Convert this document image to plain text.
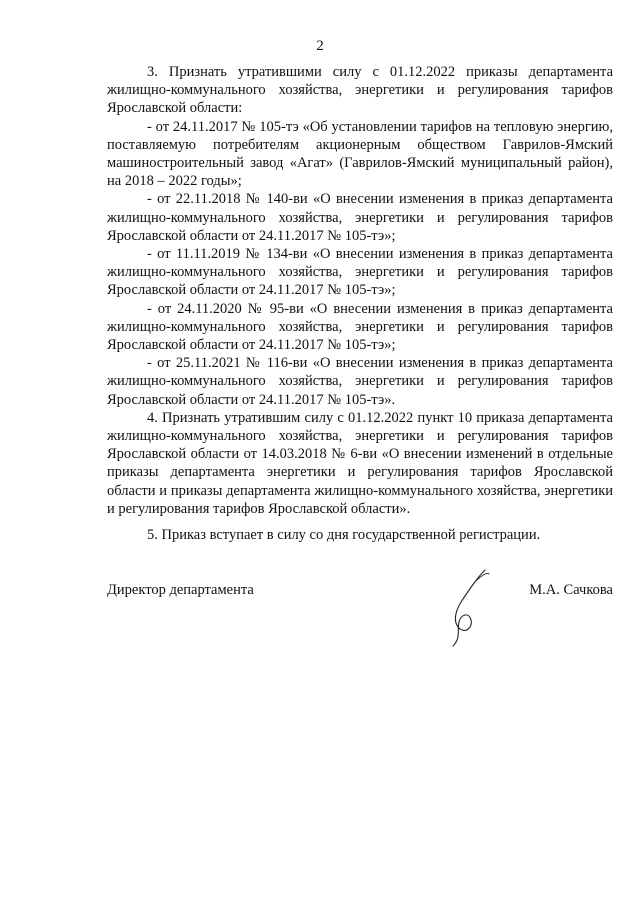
2

3. Признать утратившими силу с 01.12.2022 приказы департамента жилищно-коммунального хозяйства, энергетики и регулирования тарифов Ярославской области:

- от 24.11.2017 № 105-тэ «Об установлении тарифов на тепловую энергию, поставляемую потребителям акционерным обществом Гаврилов-Ямский машиностроительный завод «Агат» (Гаврилов-Ямский муниципальный район), на 2018 – 2022 годы»;

- от 22.11.2018 № 140-ви «О внесении изменения в приказ департамента жилищно-коммунального хозяйства, энергетики и регулирования тарифов Ярославской области от 24.11.2017 № 105-тэ»;

- от 11.11.2019 № 134-ви «О внесении изменения в приказ департамента жилищно-коммунального хозяйства, энергетики и регулирования тарифов Ярославской области от 24.11.2017 № 105-тэ»;

- от 24.11.2020 № 95-ви «О внесении изменения в приказ департамента жилищно-коммунального хозяйства, энергетики и регулирования тарифов Ярославской области от 24.11.2017 № 105-тэ»;

- от 25.11.2021 № 116-ви «О внесении изменения в приказ департамента жилищно-коммунального хозяйства, энергетики и регулирования тарифов Ярославской области от 24.11.2017 № 105-тэ».

4. Признать утратившим силу с 01.12.2022 пункт 10 приказа департамента жилищно-коммунального хозяйства, энергетики и регулирования тарифов Ярославской области от 14.03.2018 № 6-ви «О внесении изменений в отдельные приказы департамента энергетики и регулирования тарифов Ярославской области и приказы департамента жилищно-коммунального хозяйства, энергетики и регулирования тарифов Ярославской области».

5. Приказ вступает в силу со дня государственной регистрации.

Директор департамента	М.А. Сачкова
